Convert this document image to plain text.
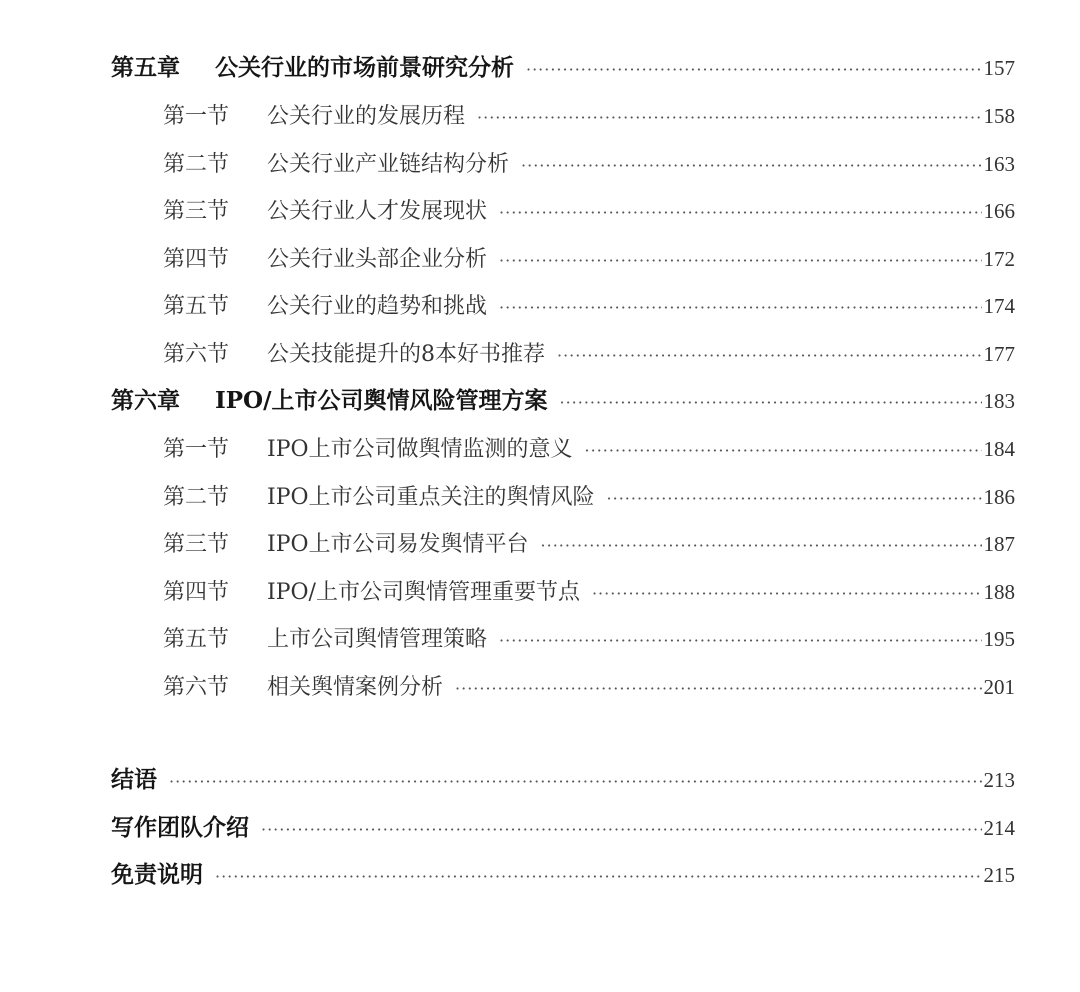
第五章	公关行业的市场前景研究分析 ·····	157
第一节	公关行业的发展历程 ·····	158
第二节	公关行业产业链结构分析 ·····	163
第三节	公关行业人才发展现状 ·····	166
第四节	公关行业头部企业分析 ·····	172
第五节	公关行业的趋势和挑战 ·····	174
第六节	公关技能提升的8本好书推荐 ·····	177
第六章	IPO/上市公司舆情风险管理方案 ·····	183
第一节	IPO上市公司做舆情监测的意义 ·····	184
第二节	IPO上市公司重点关注的舆情风险 ·····	186
第三节	IPO上市公司易发舆情平台 ·····	187
第四节	IPO/上市公司舆情管理重要节点 ·····	188
第五节	上市公司舆情管理策略 ·····	195
第六节	相关舆情案例分析 ·····	201
结语 ·····	213
写作团队介绍 ·····	214
免责说明 ·····	215
